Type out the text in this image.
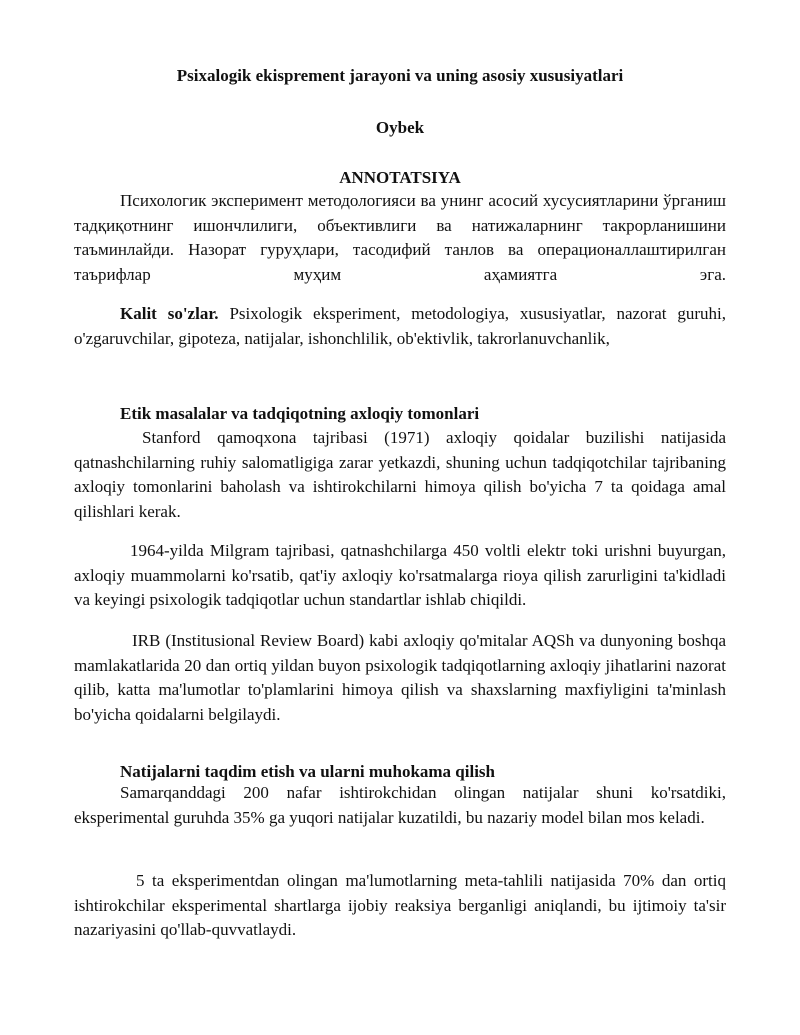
Psixalogik ekisprement jarayoni va uning asosiy xususiyatlari
Oybek
ANNOTATSIYA

Психологик эксперимент методологияси ва унинг асосий хусусиятларини ўрганиш тадқиқотнинг ишончлилиги, объективлиги ва натижаларнинг такрорланишини таъминлайди. Назорат гуруҳлари, тасодифий танлов ва операционаллаштирилган таърифлар муҳим аҳамиятга эга.

Kalit so'zlar. Psixologik eksperiment, metodologiya, xususiyatlar, nazorat guruhi, o'zgaruvchilar, gipoteza, natijalar, ishonchlilik, ob'ektivlik, takrorlanuvchanlik,

Etik masalalar va tadqiqotning axloqiy tomonlari

Stanford qamoqxona tajribasi (1971) axloqiy qoidalar buzilishi natijasida qatnashchilarning ruhiy salomatligiga zarar yetkazdi, shuning uchun tadqiqotchilar tajribaning axloqiy tomonlarini baholash va ishtirokchilarni himoya qilish bo'yicha 7 ta qoidaga amal qilishlari kerak.

1964-yilda Milgram tajribasi, qatnashchilarga 450 voltli elektr toki urishni buyurgan, axloqiy muammolarni ko'rsatib, qat'iy axloqiy ko'rsatmalarga rioya qilish zarurligini ta'kidladi va keyingi psixologik tadqiqotlar uchun standartlar ishlab chiqildi.

IRB (Institusional Review Board) kabi axloqiy qo'mitalar AQSh va dunyoning boshqa mamlakatlarida 20 dan ortiq yildan buyon psixologik tadqiqotlarning axloqiy jihatlarini nazorat qilib, katta ma'lumotlar to'plamlarini himoya qilish va shaxslarning maxfiyligini ta'minlash bo'yicha qoidalarni belgilaydi.

Natijalarni taqdim etish va ularni muhokama qilish

Samarqanddagi 200 nafar ishtirokchidan olingan natijalar shuni ko'rsatdiki, eksperimental guruhda 35% ga yuqori natijalar kuzatildi, bu nazariy model bilan mos keladi.

5 ta eksperimentdan olingan ma'lumotlarning meta-tahlili natijasida 70% dan ortiq ishtirokchilar eksperimental shartlarga ijobiy reaksiya berganligi aniqlandi, bu ijtimoiy ta'sir nazariyasini qo'llab-quvvatlaydi.
